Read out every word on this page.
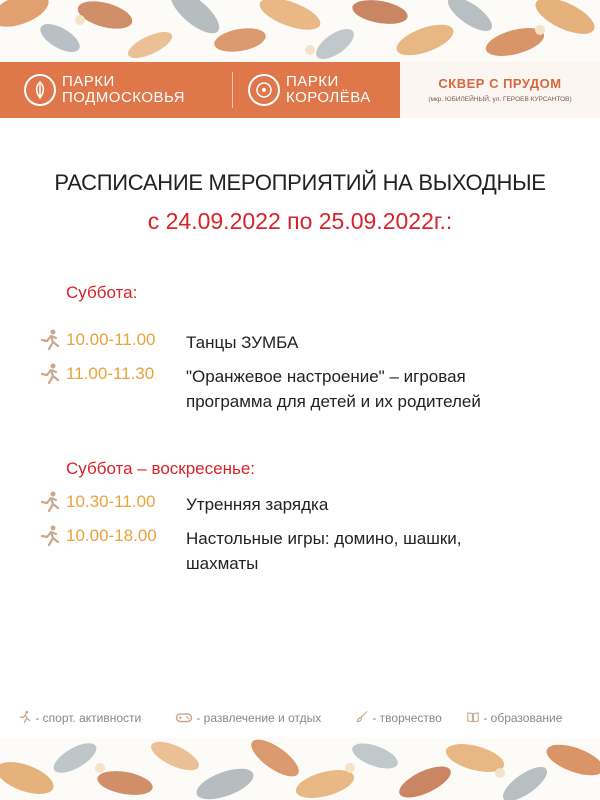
ПАРКИ
ПОДМОСКОВЬЯ
ПАРКИ
КОРОЛЁВА
СКВЕР С ПРУДОМ
(мкр. ЮБИЛЕЙНЫЙ, ул. ГЕРОЕВ КУРСАНТОВ)
РАСПИСАНИЕ МЕРОПРИЯТИЙ НА ВЫХОДНЫЕ
с 24.09.2022 по 25.09.2022г.:
Суббота:
10.00-11.00 Танцы ЗУМБА
11.00-11.30 "Оранжевое настроение" – игровая
программа для детей и их родителей
Суббота – воскресенье:
10.30-11.00 Утренняя зарядка
10.00-18.00 Настольные игры: домино, шашки,
шахматы
- спорт. активности	- развлечение и отдых	- творчество	- образование
